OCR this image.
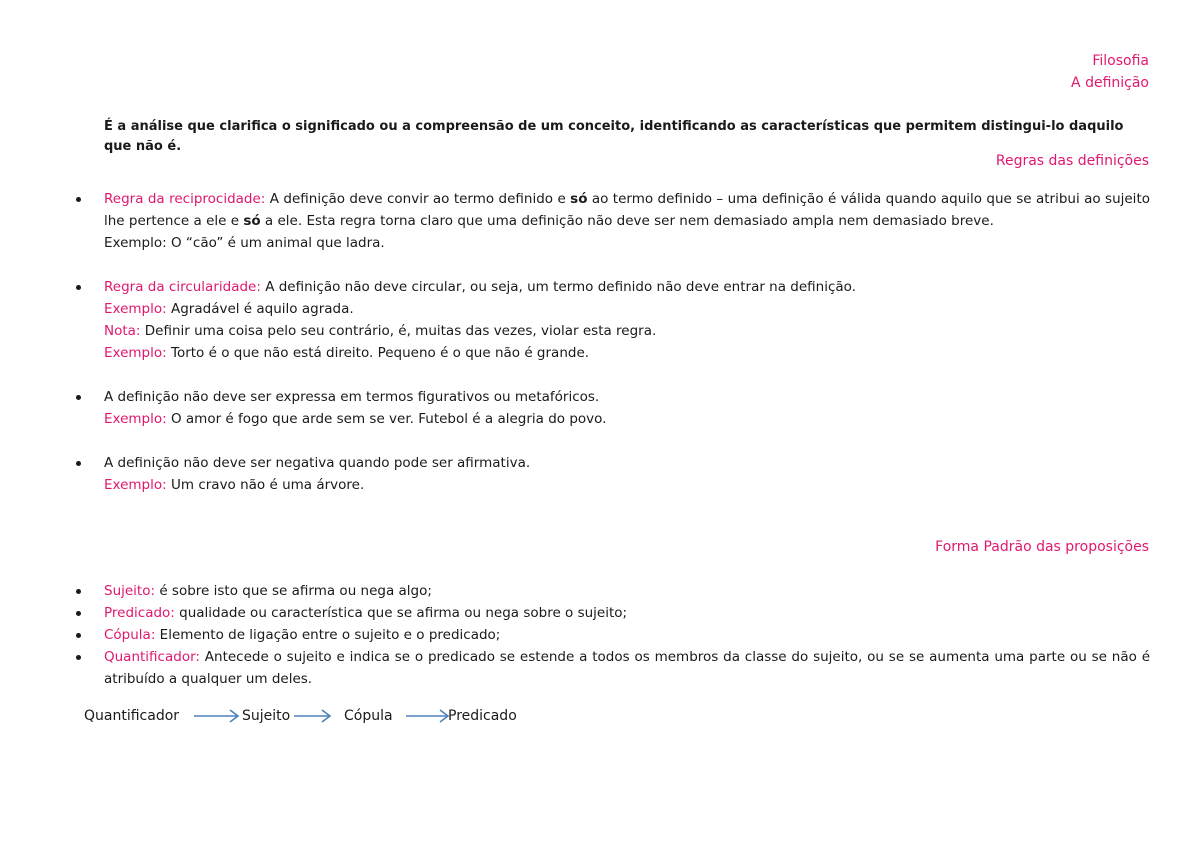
Filosofia
A definição
É a análise que clarifica o significado ou a compreensão de um conceito, identificando as características que permitem distingui-lo daquilo que não é.
Regras das definições
Regra da reciprocidade: A definição deve convir ao termo definido e só ao termo definido – uma definição é válida quando aquilo que se atribui ao sujeito lhe pertence a ele e só a ele. Esta regra torna claro que uma definição não deve ser nem demasiado ampla nem demasiado breve.
Exemplo: O “cão” é um animal que ladra.
Regra da circularidade: A definição não deve circular, ou seja, um termo definido não deve entrar na definição.
Exemplo: Agradável é aquilo agrada.
Nota: Definir uma coisa pelo seu contrário, é, muitas das vezes, violar esta regra.
Exemplo: Torto é o que não está direito. Pequeno é o que não é grande.
A definição não deve ser expressa em termos figurativos ou metafóricos.
Exemplo: O amor é fogo que arde sem se ver. Futebol é a alegria do povo.
A definição não deve ser negativa quando pode ser afirmativa.
Exemplo: Um cravo não é uma árvore.
Forma Padrão das proposições
Sujeito: é sobre isto que se afirma ou nega algo;
Predicado: qualidade ou característica que se afirma ou nega sobre o sujeito;
Cópula: Elemento de ligação entre o sujeito e o predicado;
Quantificador: Antecede o sujeito e indica se o predicado se estende a todos os membros da classe do sujeito, ou se se aumenta uma parte ou se não é atribuído a qualquer um deles.
Quantificador	Sujeito	Cópula	Predicado
